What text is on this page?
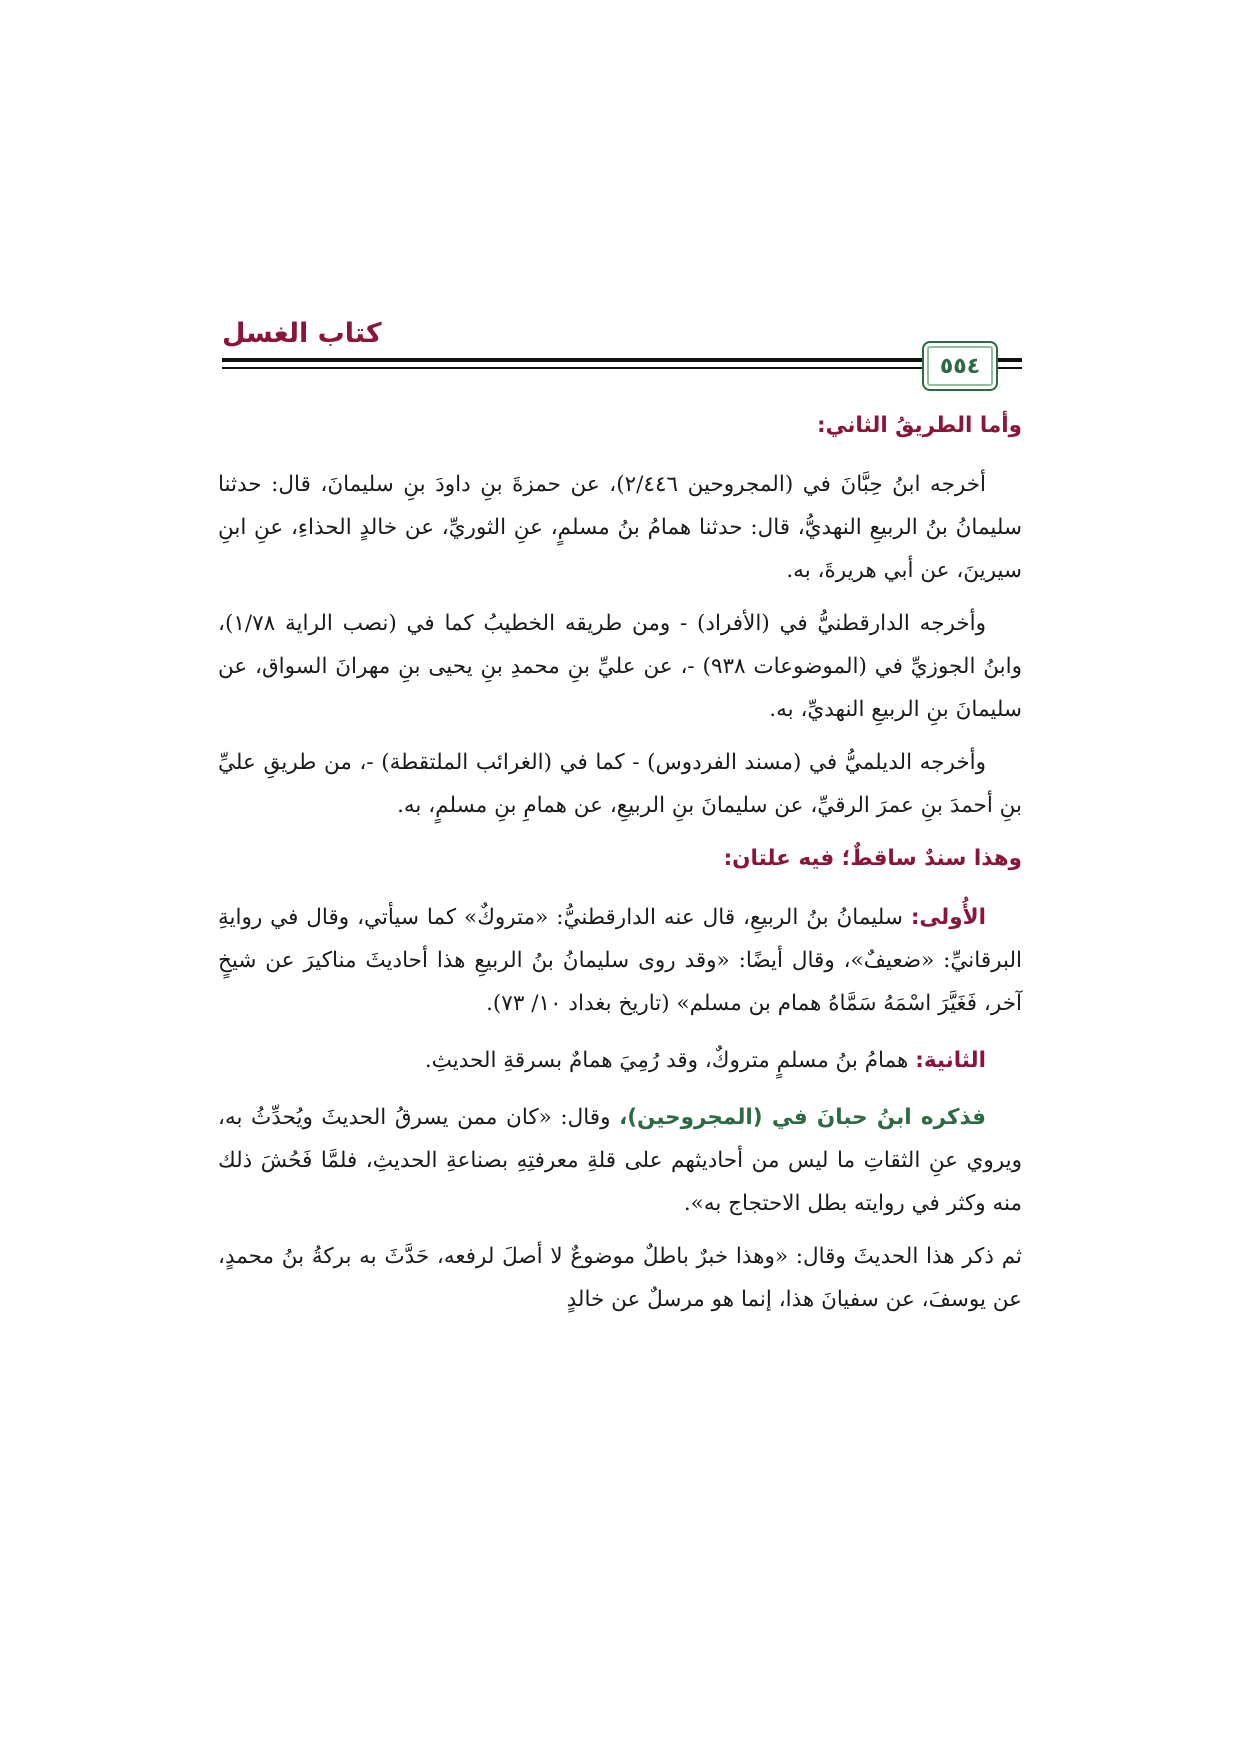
كتاب الغسل
٥٥٤
وأما الطريقُ الثاني:

أخرجه ابنُ حِبَّانَ في (المجروحين ٢/٤٤٦)، عن حمزةَ بنِ داودَ بنِ سليمانَ، قال: حدثنا سليمانُ بنُ الربيعِ النهديُّ، قال: حدثنا همامُ بنُ مسلمٍ، عنِ الثوريِّ، عن خالدٍ الحذاءِ، عنِ ابنِ سيرينَ، عن أبي هريرةَ، به.

وأخرجه الدارقطنيُّ في (الأفراد) - ومن طريقه الخطيبُ كما في (نصب الراية ١/٧٨)، وابنُ الجوزيِّ في (الموضوعات ٩٣٨) -، عن عليِّ بنِ محمدِ بنِ يحيى بنِ مهرانَ السواق، عن سليمانَ بنِ الربيعِ النهديِّ، به.

وأخرجه الديلميُّ في (مسند الفردوس) - كما في (الغرائب الملتقطة) -، من طريقِ عليِّ بنِ أحمدَ بنِ عمرَ الرقيِّ، عن سليمانَ بنِ الربيعِ، عن همامِ بنِ مسلمٍ، به.

وهذا سندٌ ساقطٌ؛ فيه علتان:

الأُولى: سليمانُ بنُ الربيعِ، قال عنه الدارقطنيُّ: «متروكٌ» كما سيأتي، وقال في روايةِ البرقانيِّ: «ضعيفٌ»، وقال أيضًا: «وقد روى سليمانُ بنُ الربيعِ هذا أحاديثَ مناكيرَ عن شيخٍ آخر، فَغَيَّرَ اسْمَهُ سَمَّاهُ همام بن مسلم» (تاريخ بغداد ١٠/ ٧٣).

الثانية: همامُ بنُ مسلمٍ متروكٌ، وقد رُمِيَ همامٌ بسرقةِ الحديثِ.

فذكره ابنُ حبانَ في (المجروحين)، وقال: «كان ممن يسرقُ الحديثَ ويُحدِّثُ به، ويروي عنِ الثقاتِ ما ليس من أحاديثهم على قلةِ معرفتِهِ بصناعةِ الحديثِ، فلمَّا فَحُشَ ذلك منه وكثر في روايته بطل الاحتجاج به».

ثم ذكر هذا الحديثَ وقال: «وهذا خبرٌ باطلٌ موضوعٌ لا أصلَ لرفعه، حَدَّثَ به بركةُ بنُ محمدٍ، عن يوسفَ، عن سفيانَ هذا، إنما هو مرسلٌ عن خالدٍ
